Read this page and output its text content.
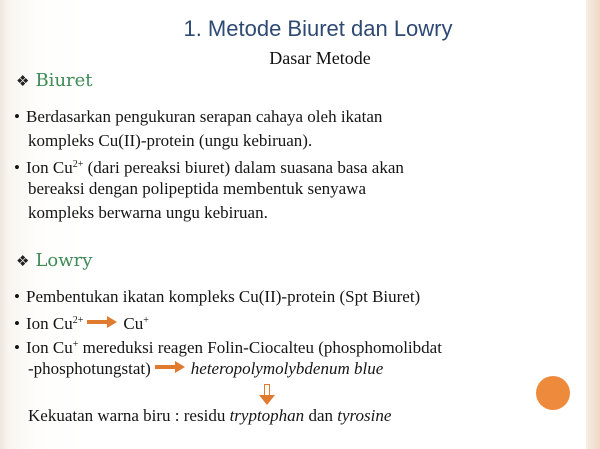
1. Metode Biuret dan Lowry
Dasar Metode
❖ Biuret
• Berdasarkan pengukuran serapan cahaya oleh ikatan
kompleks Cu(II)-protein (ungu kebiruan).
• Ion $Cu^{2+}$ (dari pereaksi biuret) dalam suasana basa akan
bereaksi dengan polipeptida membentuk senyawa
kompleks berwarna ungu kebiruan.
❖ Lowry
• Pembentukan ikatan kompleks Cu(II)-protein (Spt Biuret)
• Ion $Cu^{2+}$ Cu+
• Ion Cu+ mereduksi reagen Folin-Ciocalteu (phosphomolibdat
-phosphotungstat) heteropolymolybdenum blue
Kekuatan warna biru : residu tryptophan dan tyrosine
